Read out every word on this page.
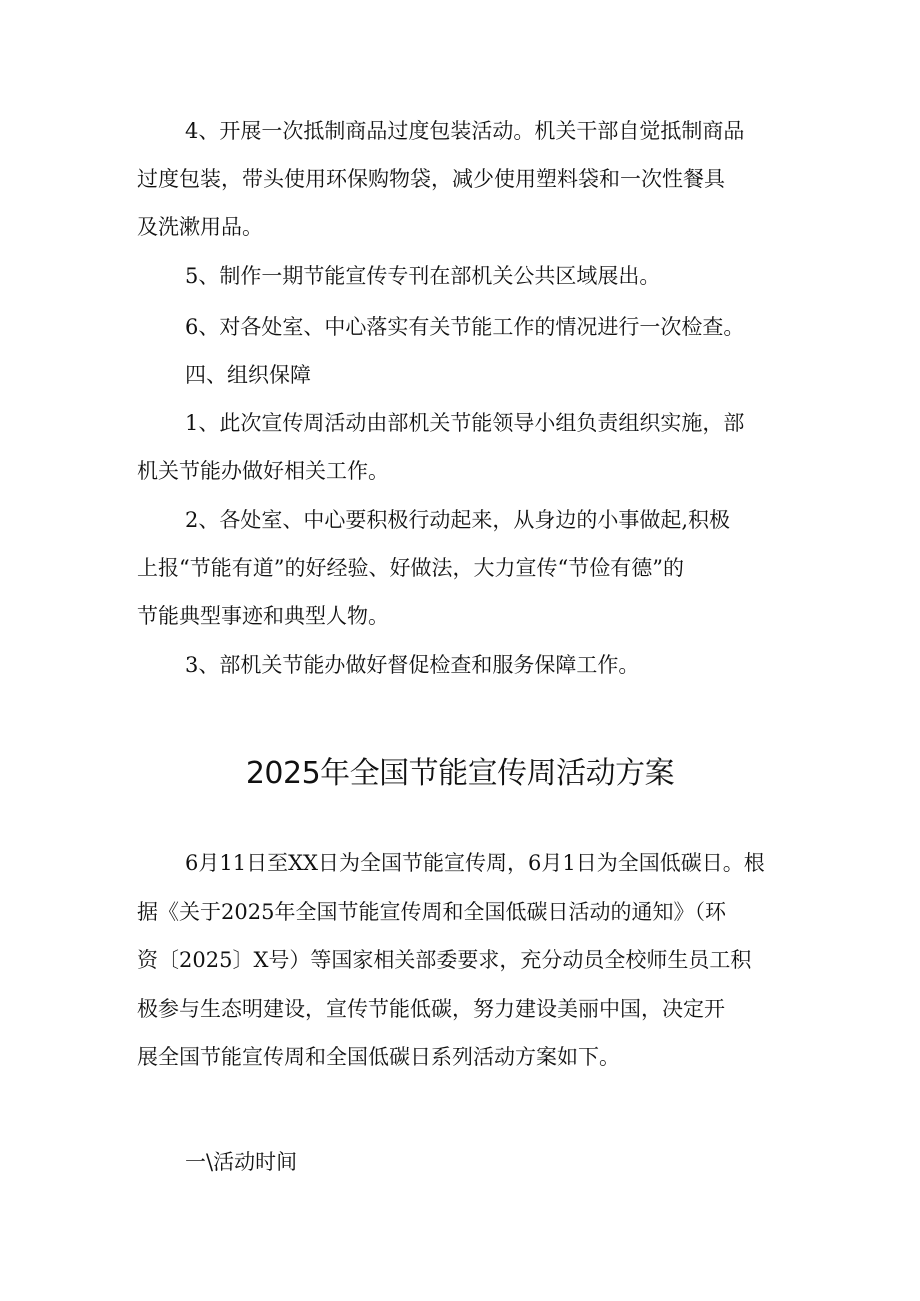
4、开展一次抵制商品过度包装活动。机关干部自觉抵制商品
过度包装，带头使用环保购物袋，减少使用塑料袋和一次性餐具
及洗漱用品。
5、制作一期节能宣传专刊在部机关公共区域展出。
6、对各处室、中心落实有关节能工作的情况进行一次检查。
四、组织保障
1、此次宣传周活动由部机关节能领导小组负责组织实施，部
机关节能办做好相关工作。
2、各处室、中心要积极行动起来，从身边的小事做起,积极
上报“节能有道”的好经验、好做法，大力宣传“节俭有德”的
节能典型事迹和典型人物。
3、部机关节能办做好督促检查和服务保障工作。
2025年全国节能宣传周活动方案
6月11日至XX日为全国节能宣传周，6月1日为全国低碳日。根
据《关于2025年全国节能宣传周和全国低碳日活动的通知》（环
资〔2025〕X号）等国家相关部委要求，充分动员全校师生员工积
极参与生态明建设，宣传节能低碳，努力建设美丽中国，决定开
展全国节能宣传周和全国低碳日系列活动方案如下。
一\活动时间
